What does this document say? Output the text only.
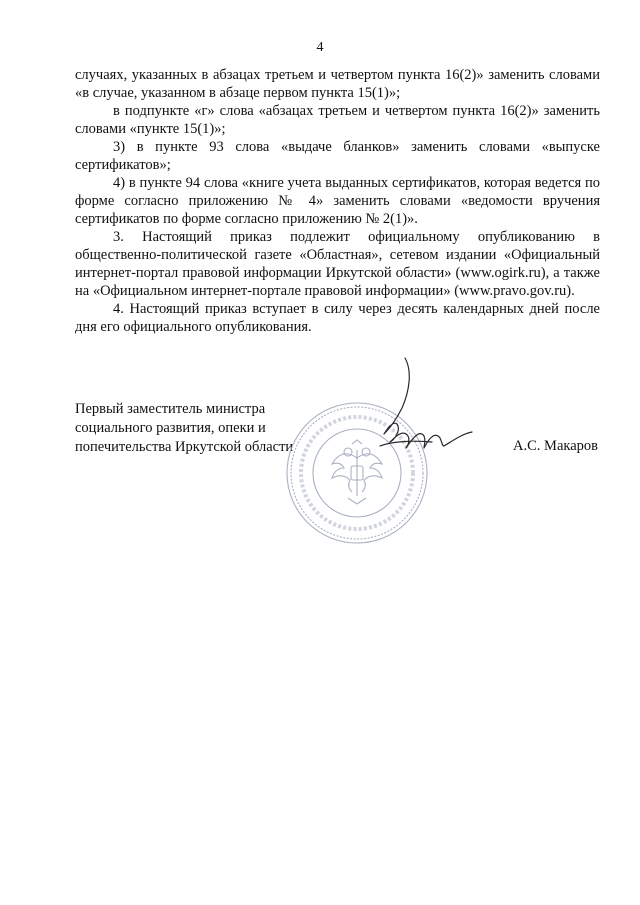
4

случаях, указанных в абзацах третьем и четвертом пункта 16(2)» заменить словами «в случае, указанном в абзаце первом пункта 15(1)»;

в подпункте «г» слова «абзацах третьем и четвертом пункта 16(2)» заменить словами «пункте 15(1)»;

3) в пункте 93 слова «выдаче бланков» заменить словами «выпуске сертификатов»;

4) в пункте 94 слова «книге учета выданных сертификатов, которая ведется по форме согласно приложению № 4» заменить словами «ведомости вручения сертификатов по форме согласно приложению № 2(1)».

3. Настоящий приказ подлежит официальному опубликованию в общественно-политической газете «Областная», сетевом издании «Официальный интернет-портал правовой информации Иркутской области» (www.ogirk.ru), а также на «Официальном интернет-портале правовой информации» (www.pravo.gov.ru).

4. Настоящий приказ вступает в силу через десять календарных дней после дня его официального опубликования.

Первый заместитель министра
социального развития, опеки и
попечительства Иркутской области	А.С. Макаров
